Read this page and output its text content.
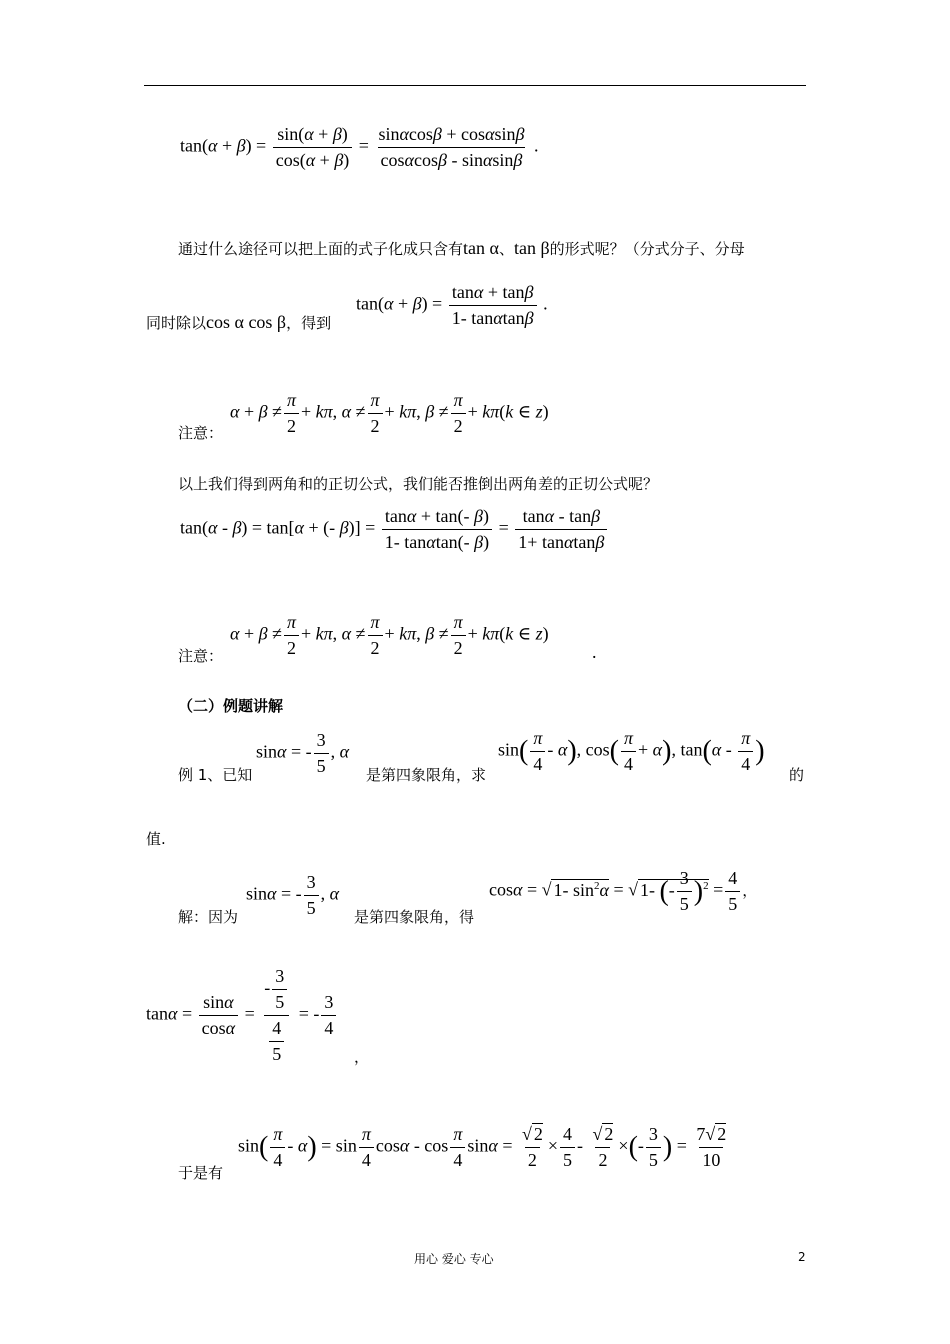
$\tan(\alpha + \beta) = \frac{\sin(\alpha + \beta)}{\cos(\alpha + \beta)} = \frac{\sin\alpha\cos\beta + \cos\alpha\sin\beta}{\cos\alpha\cos\beta - \sin\alpha\sin\beta}$ .
通过什么途径可以把上面的式子化成只含有tan α、tan β的形式呢？（分式分子、分母
同时除以cos α cos β，得到
$\tan(\alpha + \beta) = \frac{\tan\alpha + \tan\beta}{1- \tan\alpha\tan\beta}$ .
注意：
$\alpha + \beta \ne \frac{\pi}{2} + k\pi$, $\alpha \ne \frac{\pi}{2} + k\pi$, $\beta \ne \frac{\pi}{2} + k\pi(k$ ∈ z)
以上我们得到两角和的正切公式，我们能否推倒出两角差的正切公式呢？
tan(α - β) = tan[α + (- $\beta)] = \frac{\tan\alpha + \tan(- \beta)}{1- \tan\alpha\tan(- \beta)} = \frac{\tan\alpha - \tan\beta}{1+ \tan\alpha\tan\beta}$
注意：
$\alpha + \beta \ne \frac{\pi}{2} + k\pi$, $\alpha \ne \frac{\pi}{2} + k\pi$, $\beta \ne \frac{\pi}{2} + k\pi(k$ ∈ z)
.
（二）例题讲解
例 1、已知
sinα = - $\frac{3}{5}$ , α
是第四象限角，求
$\sin( \frac{\pi}{4} - \alpha)$, $\cos( \frac{\pi}{4} + \alpha)$, $\tan(\alpha - \frac{\pi}{4}$ )
的
值.
解：因为
sinα = - $\frac{3}{5}$ , α
是第四象限角，得
cosα = √ 1- $\sin^2\alpha$ = √ 1- (- $\frac{3}{5} )^2 = \frac{4}{5}$ ，
$\tan\alpha = \frac{\sin\alpha}{\cos\alpha} = \frac{- \frac{3}{5}}{\frac{4}{5}}$ = - $\frac{3}{4}$
，
于是有
$\sin( \frac{\pi}{4} - \alpha) = \sin \frac{\pi}{4}$ cosα - $\cos \frac{\pi}{4}$ $\sin\alpha = \frac{√ 2}{2} \times \frac{4}{5} - \frac{√ 2}{2}$ ×(- $\frac{3}{5}$ ) = $\frac{7√ 2}{10}$
用心 爱心 专心	2
